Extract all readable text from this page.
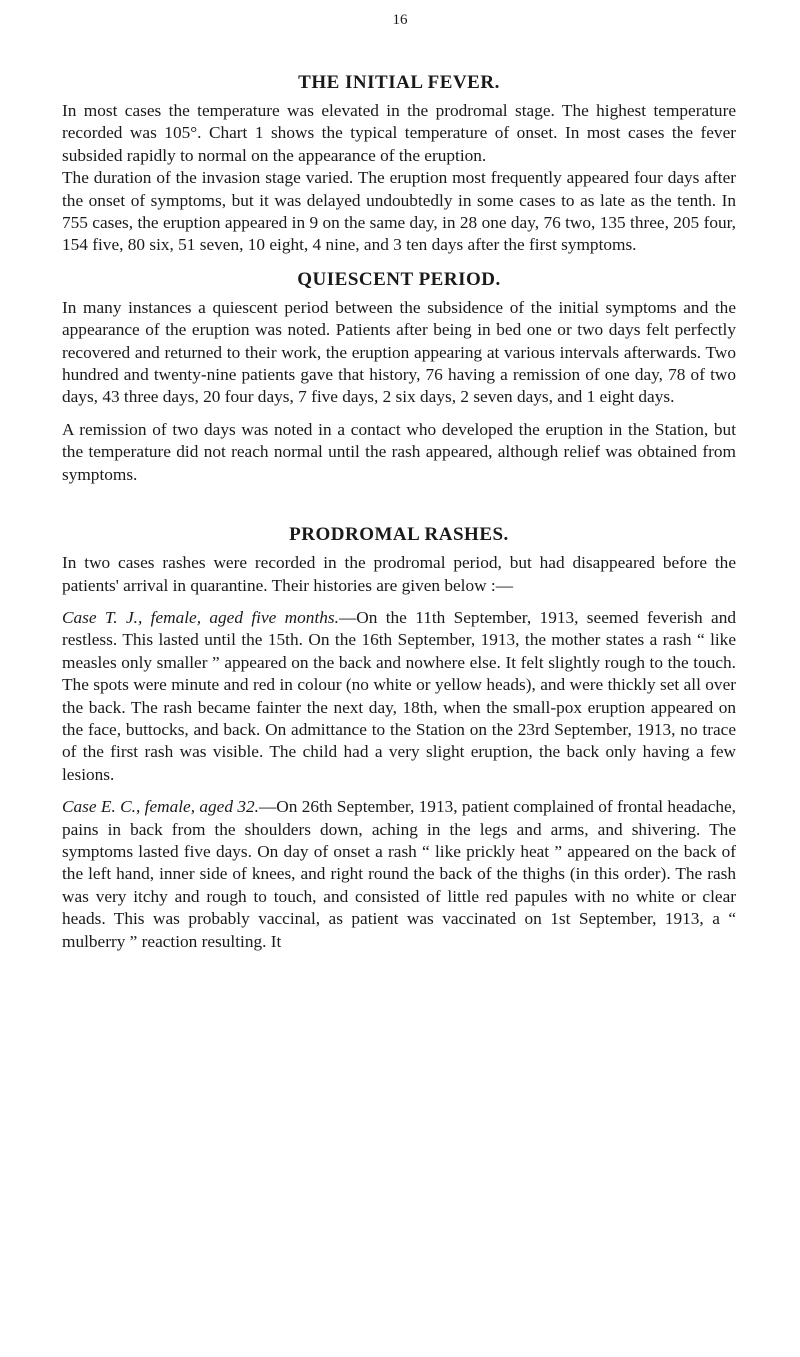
16
THE INITIAL FEVER.

In most cases the temperature was elevated in the prodromal stage. The highest temperature recorded was 105°. Chart 1 shows the typical temperature of onset. In most cases the fever subsided rapidly to normal on the appearance of the eruption.

The duration of the invasion stage varied. The eruption most frequently appeared four days after the onset of symptoms, but it was delayed undoubtedly in some cases to as late as the tenth. In 755 cases, the eruption appeared in 9 on the same day, in 28 one day, 76 two, 135 three, 205 four, 154 five, 80 six, 51 seven, 10 eight, 4 nine, and 3 ten days after the first symptoms.

QUIESCENT PERIOD.

In many instances a quiescent period between the subsidence of the initial symptoms and the appearance of the eruption was noted. Patients after being in bed one or two days felt perfectly recovered and returned to their work, the eruption appearing at various intervals afterwards. Two hundred and twenty-nine patients gave that history, 76 having a remission of one day, 78 of two days, 43 three days, 20 four days, 7 five days, 2 six days, 2 seven days, and 1 eight days.

A remission of two days was noted in a contact who developed the eruption in the Station, but the temperature did not reach normal until the rash appeared, although relief was obtained from symptoms.

PRODROMAL RASHES.

In two cases rashes were recorded in the prodromal period, but had disappeared before the patients' arrival in quarantine. Their histories are given below :—

Case T. J., female, aged five months.—On the 11th September, 1913, seemed feverish and restless. This lasted until the 15th. On the 16th September, 1913, the mother states a rash “ like measles only smaller ” appeared on the back and nowhere else. It felt slightly rough to the touch. The spots were minute and red in colour (no white or yellow heads), and were thickly set all over the back. The rash became fainter the next day, 18th, when the small-pox eruption appeared on the face, buttocks, and back. On admittance to the Station on the 23rd September, 1913, no trace of the first rash was visible. The child had a very slight eruption, the back only having a few lesions.

Case E. C., female, aged 32.—On 26th September, 1913, patient complained of frontal headache, pains in back from the shoulders down, aching in the legs and arms, and shivering. The symptoms lasted five days. On day of onset a rash “ like prickly heat ” appeared on the back of the left hand, inner side of knees, and right round the back of the thighs (in this order). The rash was very itchy and rough to touch, and consisted of little red papules with no white or clear heads. This was probably vaccinal, as patient was vaccinated on 1st September, 1913, a “ mulberry ” reaction resulting. It
